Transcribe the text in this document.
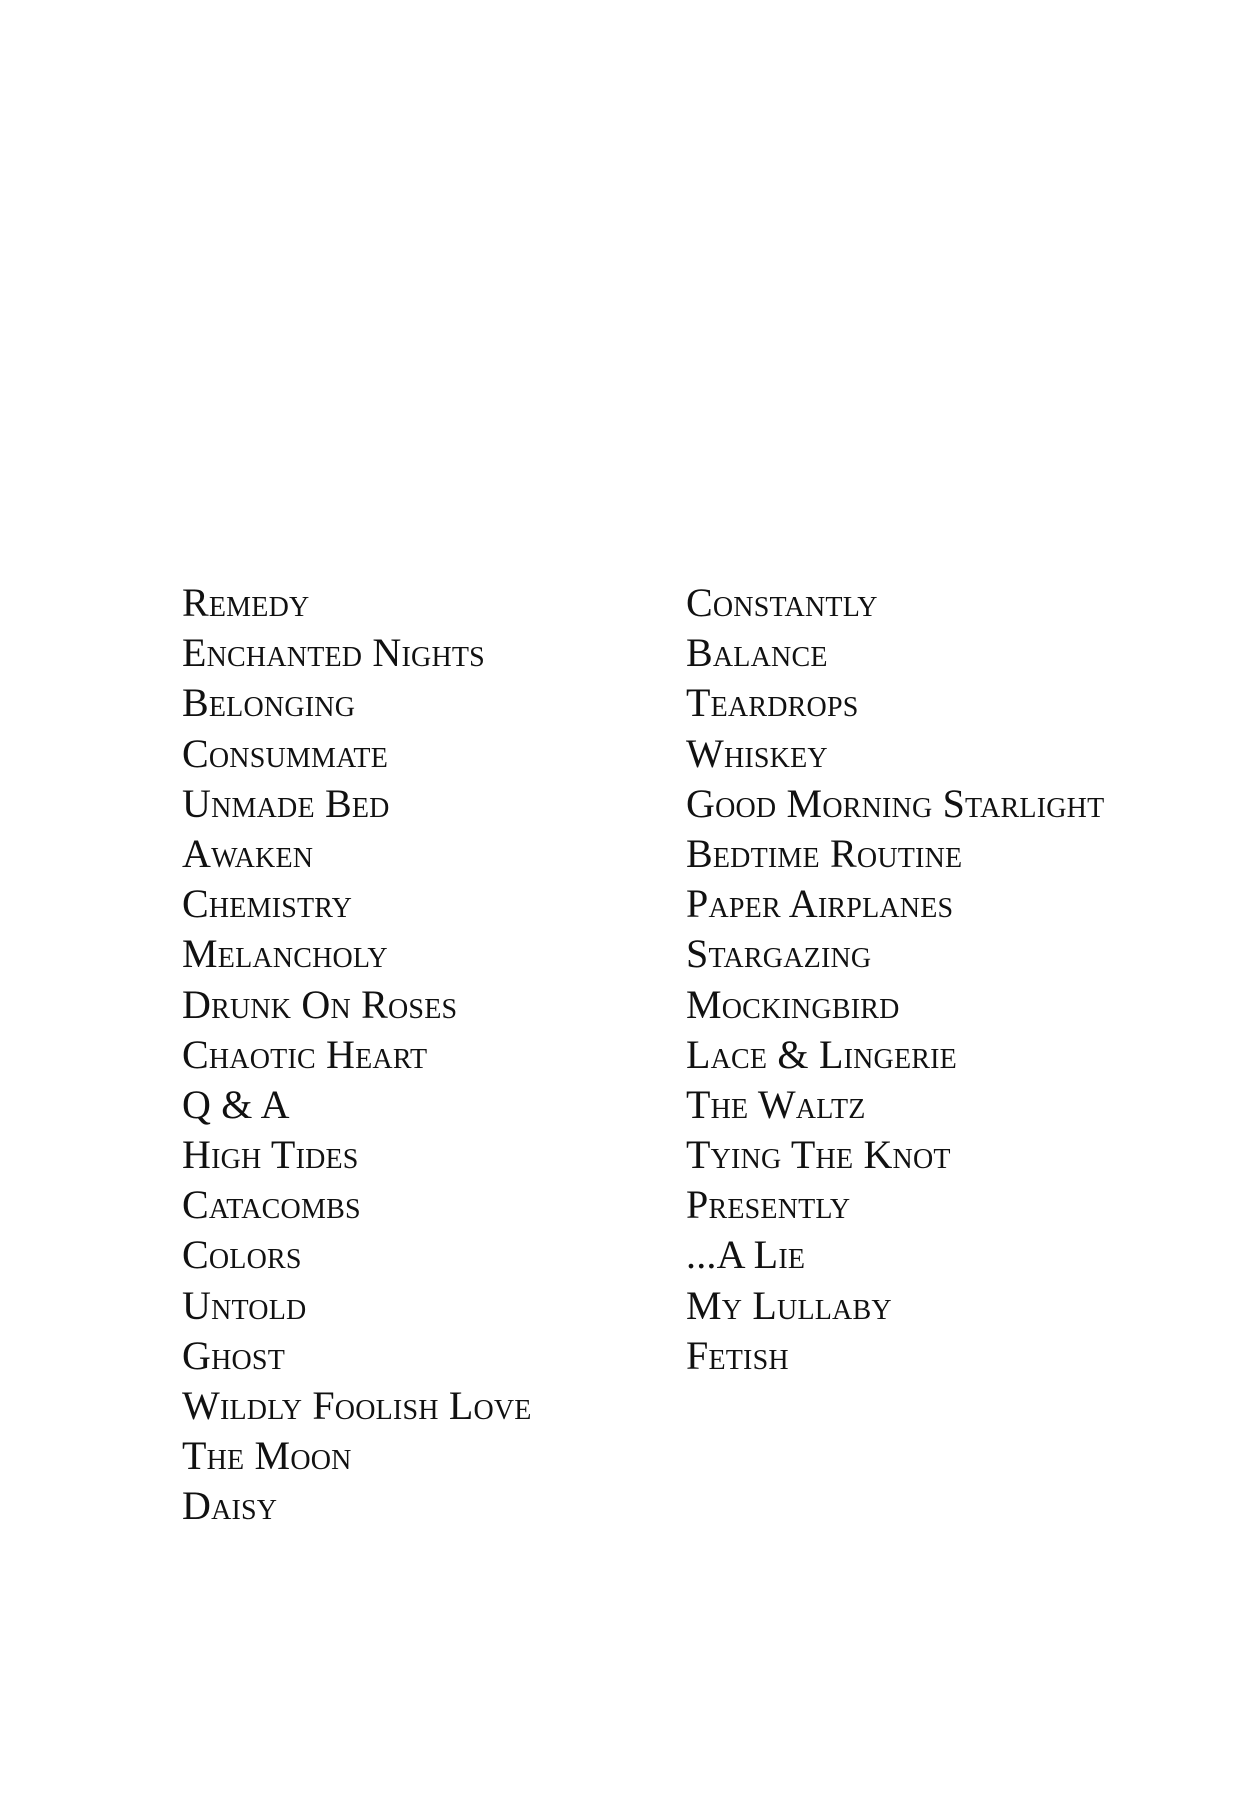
Remedy
Enchanted Nights
Belonging
Consummate
Unmade Bed
Awaken
Chemistry
Melancholy
Drunk On Roses
Chaotic Heart
Q & A
High Tides
Catacombs
Colors
Untold
Ghost
Wildly Foolish Love
The Moon
Daisy
Constantly
Balance
Teardrops
Whiskey
Good Morning Starlight
Bedtime Routine
Paper Airplanes
Stargazing
Mockingbird
Lace & Lingerie
The Waltz
Tying The Knot
Presently
...A Lie
My Lullaby
Fetish
